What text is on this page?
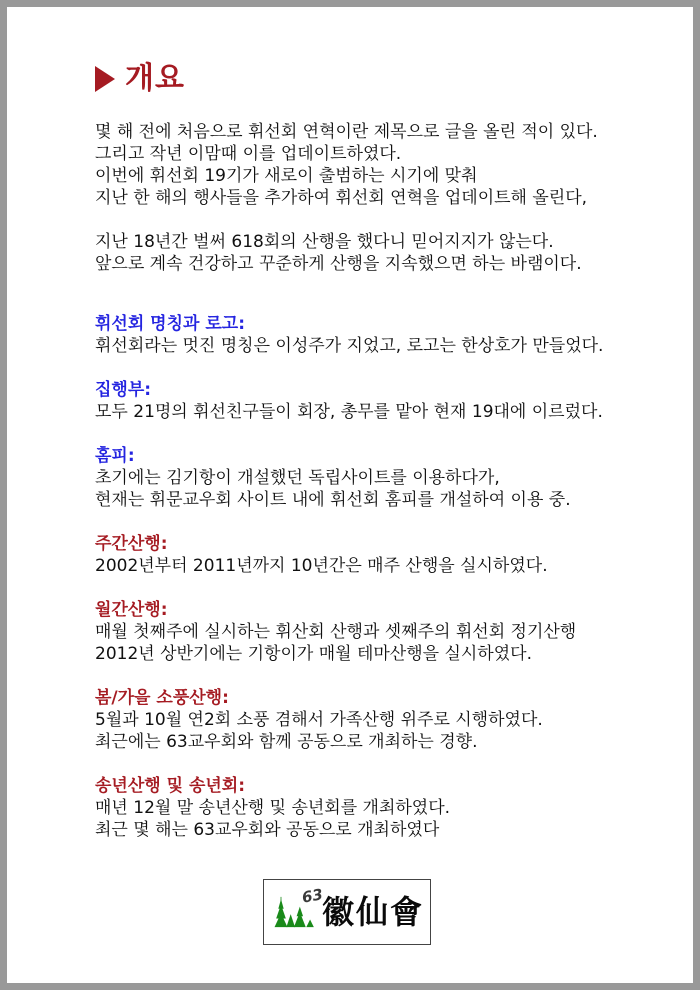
개요
몇 해 전에 처음으로 휘선회 연혁이란 제목으로 글을 올린 적이 있다.
그리고 작년 이맘때 이를 업데이트하였다.
이번에 휘선회 19기가 새로이 출범하는 시기에 맞춰
지난 한 해의 행사들을 추가하여 휘선회 연혁을 업데이트해 올린다,
지난 18년간 벌써 618회의 산행을 했다니 믿어지지가 않는다.
앞으로 계속 건강하고 꾸준하게 산행을 지속했으면 하는 바램이다.
휘선회 명칭과 로고:
휘선회라는 멋진 명칭은 이성주가 지었고, 로고는 한상호가 만들었다.
집행부:
모두 21명의 휘선친구들이 회장, 총무를 맡아 현재 19대에 이르렀다.
홈피:
초기에는 김기항이 개설했던 독립사이트를 이용하다가,
현재는 휘문교우회 사이트 내에 휘선회 홈피를 개설하여 이용 중.
주간산행:
2002년부터 2011년까지 10년간은 매주 산행을 실시하였다.
월간산행:
매월 첫째주에 실시하는 휘산회 산행과 셋째주의 휘선회 정기산행
2012년 상반기에는 기항이가 매월 테마산행을 실시하였다.
봄/가을 소풍산행:
5월과 10월 연2회 소풍 겸해서 가족산행 위주로 시행하였다.
최근에는 63교우회와 함께 공동으로 개최하는 경향.
송년산행 및 송년회:
매년 12월 말 송년산행 및 송년회를 개최하였다.
최근 몇 해는 63교우회와 공동으로 개최하였다
63
徽仙會
